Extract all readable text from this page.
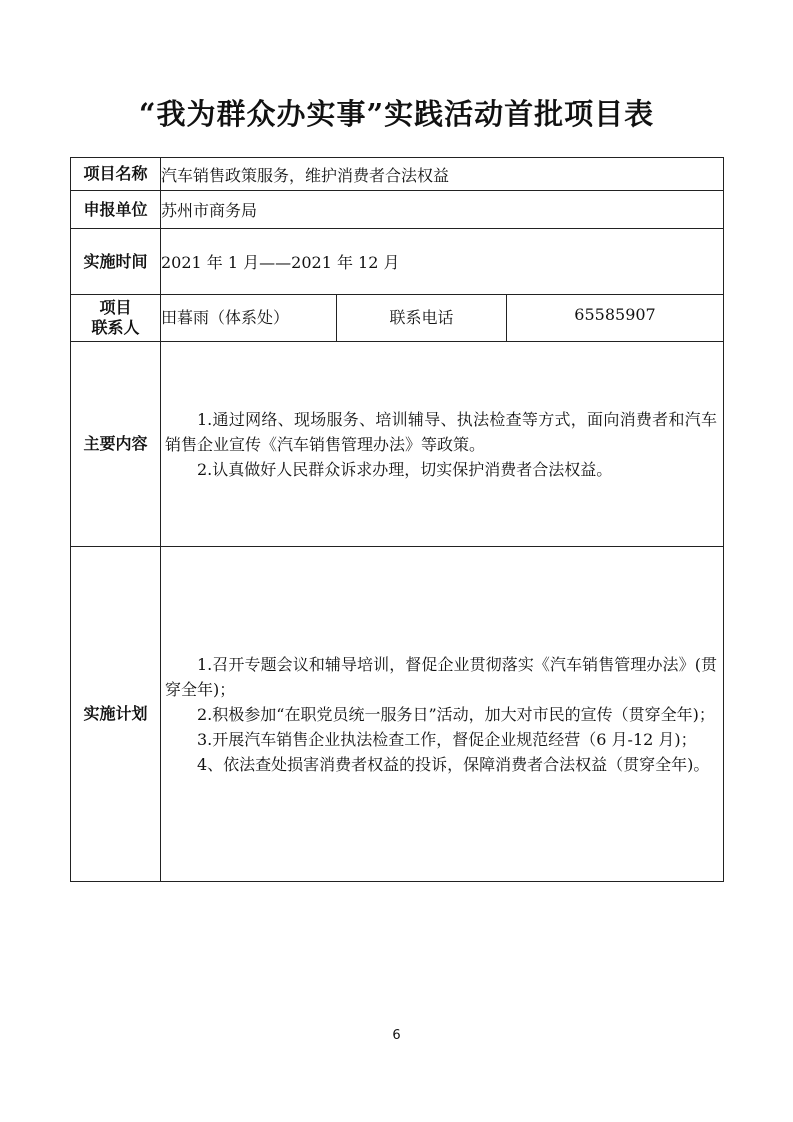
“我为群众办实事”实践活动首批项目表
项目名称	汽车销售政策服务，维护消费者合法权益		
申报单位	苏州市商务局		
实施时间	2021 年 1 月——2021 年 12 月		

项目
联系人	田暮雨（体系处）	联系电话	65585907
主要内容	1.通过网络、现场服务、培训辅导、执法检查等方式，面向消费者和汽车销售企业宣传《汽车销售管理办法》等政策。
2.认真做好人民群众诉求办理，切实保护消费者合法权益。		

实施计划	1.召开专题会议和辅导培训，督促企业贯彻落实《汽车销售管理办法》(贯穿全年)；
2.积极参加“在职党员统一服务日”活动，加大对市民的宣传（贯穿全年)；
3.开展汽车销售企业执法检查工作，督促企业规范经营（6 月-12 月)；
4、依法查处损害消费者权益的投诉，保障消费者合法权益（贯穿全年)。		
6
